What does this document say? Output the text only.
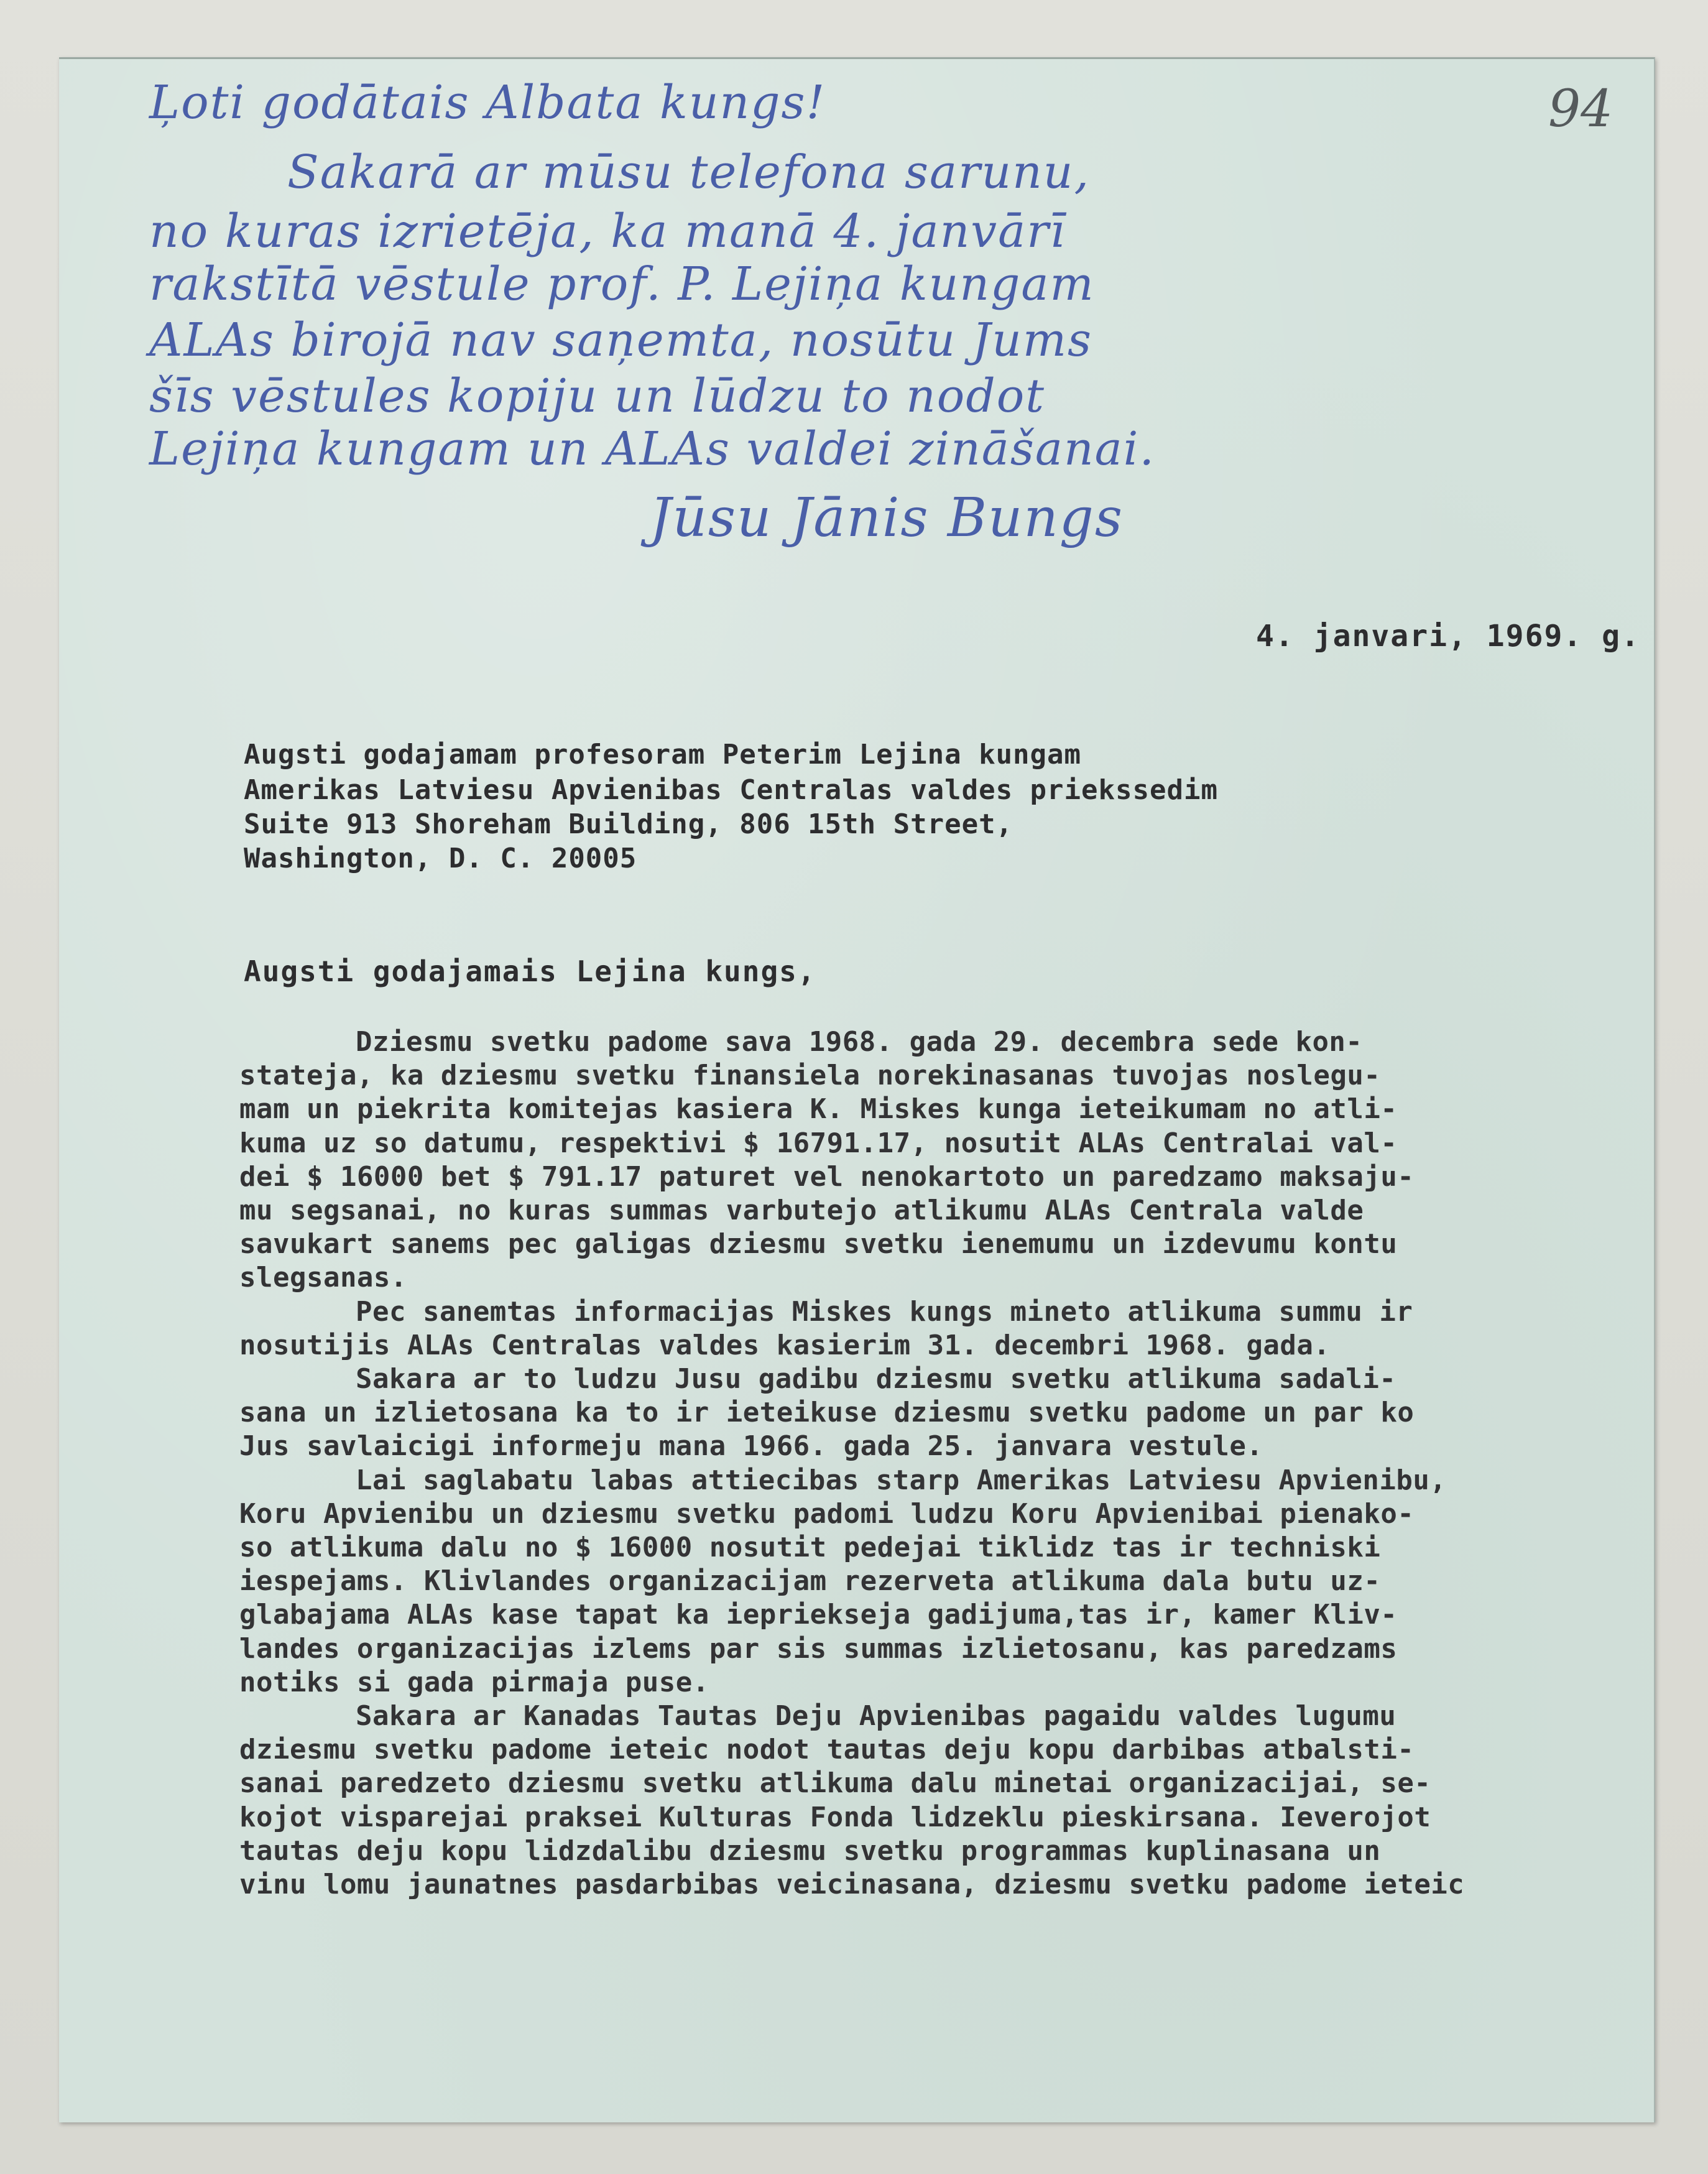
94

Ļoti godātais Albata kungs!

Sakarā ar mūsu telefona sarunu,

no kuras izrietēja, ka manā 4. janvārī

rakstītā vēstule prof. P. Lejiņa kungam

ALAs birojā nav saņemta, nosūtu Jums

šīs vēstules kopiju un lūdzu to nodot

Lejiņa kungam un ALAs valdei zināšanai.

Jūsu Jānis Bungs

4. janvari, 1969. g.
Augsti godajamam profesoram Peterim Lejina kungam
Amerikas Latviesu Apvienibas Centralas valdes priekssedim
Suite 913 Shoreham Building, 806 15th Street,
Washington, D. C. 20005
Augsti godajamais Lejina kungs,
Dziesmu svetku padome sava 1968. gada 29. decembra sede kon-
stateja, ka dziesmu svetku finansiela norekinasanas tuvojas noslegu-
mam un piekrita komitejas kasiera K. Miskes kunga ieteikumam no atli-
kuma uz so datumu, respektivi $ 16791.17, nosutit ALAs Centralai val-
dei $ 16000 bet $ 791.17 paturet vel nenokartoto un paredzamo maksaju-
mu segsanai, no kuras summas varbutejo atlikumu ALAs Centrala valde
savukart sanems pec galigas dziesmu svetku ienemumu un izdevumu kontu
slegsanas.
Pec sanemtas informacijas Miskes kungs mineto atlikuma summu ir
nosutijis ALAs Centralas valdes kasierim 31. decembri 1968. gada.
Sakara ar to ludzu Jusu gadibu dziesmu svetku atlikuma sadali-
sana un izlietosana ka to ir ieteikuse dziesmu svetku padome un par ko
Jus savlaicigi informeju mana 1966. gada 25. janvara vestule.
Lai saglabatu labas attiecibas starp Amerikas Latviesu Apvienibu,
Koru Apvienibu un dziesmu svetku padomi ludzu Koru Apvienibai pienako-
so atlikuma dalu no $ 16000 nosutit pedejai tiklidz tas ir techniski
iespejams. Klivlandes organizacijam rezerveta atlikuma dala butu uz-
glabajama ALAs kase tapat ka iepriekseja gadijuma,tas ir, kamer Kliv-
landes organizacijas izlems par sis summas izlietosanu, kas paredzams
notiks si gada pirmaja puse.
Sakara ar Kanadas Tautas Deju Apvienibas pagaidu valdes lugumu
dziesmu svetku padome ieteic nodot tautas deju kopu darbibas atbalsti-
sanai paredzeto dziesmu svetku atlikuma dalu minetai organizacijai, se-
kojot visparejai praksei Kulturas Fonda lidzeklu pieskirsana. Ieverojot
tautas deju kopu lidzdalibu dziesmu svetku programmas kuplinasana un
vinu lomu jaunatnes pasdarbibas veicinasana, dziesmu svetku padome ieteic
